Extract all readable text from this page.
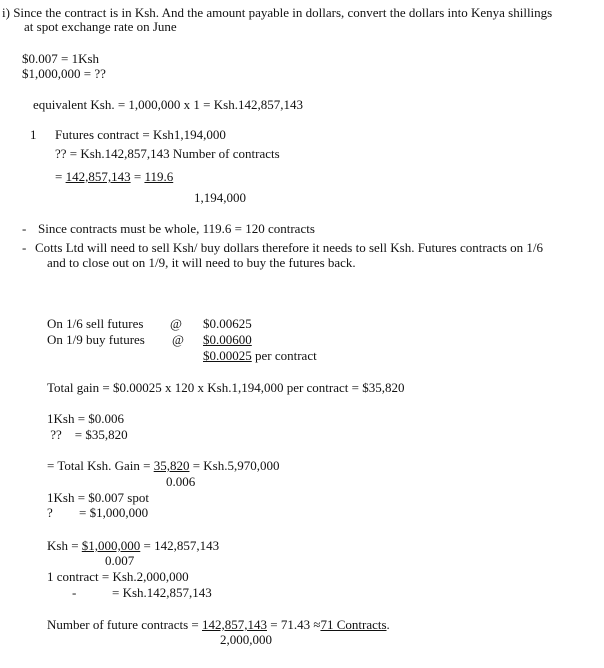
i) Since the contract is in Ksh. And the amount payable in dollars, convert the dollars into Kenya shillings
at spot exchange rate on June
$0.007 = 1Ksh
$1,000,000 = ??
equivalent Ksh. = 1,000,000 x 1 = Ksh.142,857,143
1 Futures contract = Ksh1,194,000
?? = Ksh.142,857,143 Number of contracts
= 142,857,143 = 119.6
1,194,000
- Since contracts must be whole, 119.6 = 120 contracts
- Cotts Ltd will need to sell Ksh/ buy dollars therefore it needs to sell Ksh. Futures contracts on 1/6
and to close out on 1/9, it will need to buy the futures back.
On 1/6 sell futures @ $0.00625
On 1/9 buy futures @ $0.00600
$0.00025 per contract
Total gain = $0.00025 x 120 x Ksh.1,194,000 per contract = $35,820
1Ksh = $0.006
??    = $35,820
= Total Ksh. Gain = 35,820 = Ksh.5,970,000
0.006
1Ksh = $0.007 spot
? = $1,000,000
Ksh = $1,000,000 = 142,857,143
0.007
1 contract = Ksh.2,000,000
-	= Ksh.142,857,143
Number of future contracts = 142,857,143 = 71.43 ≈71 Contracts.
2,000,000
